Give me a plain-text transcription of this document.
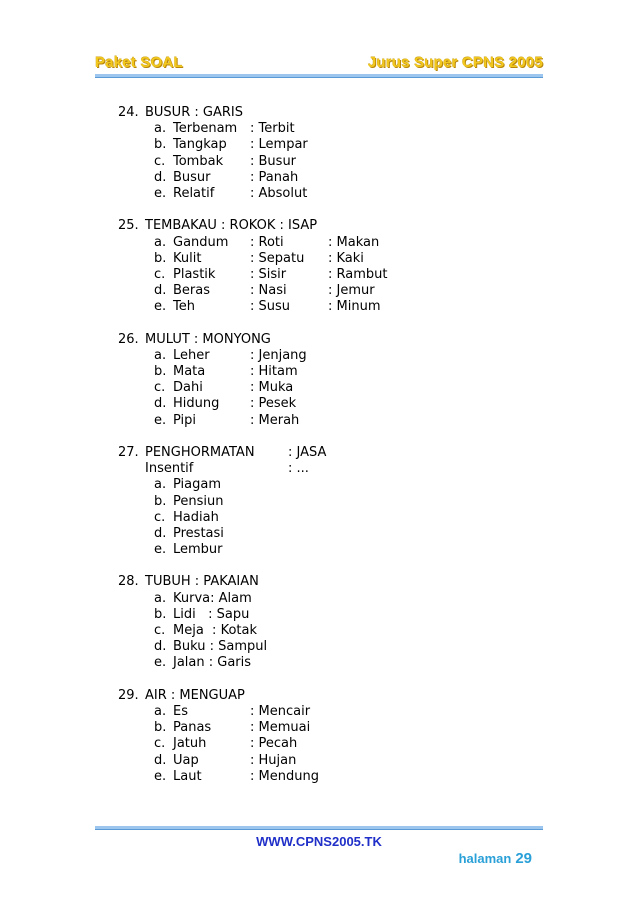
Paket SOAL	Jurus Super CPNS 2005
24. BUSUR : GARIS
a. Terbenam : Terbit
b. Tangkap : Lempar
c. Tombak : Busur
d. Busur	: Panah
e. Relatif	: Absolut
25. TEMBAKAU : ROKOK : ISAP
a. Gandum : Roti	: Makan
b. Kulit	: Sepatu : Kaki
c. Plastik	: Sisir	: Rambut
d. Beras	: Nasi	: Jemur
e. Teh	: Susu	: Minum
26. MULUT : MONYONG
a. Leher	: Jenjang
b. Mata	: Hitam
c. Dahi	: Muka
d. Hidung : Pesek
e. Pipi	: Merah
27. PENGHORMATAN	: JASA
Insentif	: ...
a. Piagam
b. Pensiun
c. Hadiah
d. Prestasi
e. Lembur
28. TUBUH : PAKAIAN
a. Kurva: Alam
b. Lidi   : Sapu
c. Meja  : Kotak
d. Buku : Sampul
e. Jalan : Garis
29. AIR : MENGUAP
a. Es	: Mencair
b. Panas	: Memuai
c. Jatuh	: Pecah
d. Uap	: Hujan
e. Laut	: Mendung
WWW.CPNS2005.TK
halaman 29
